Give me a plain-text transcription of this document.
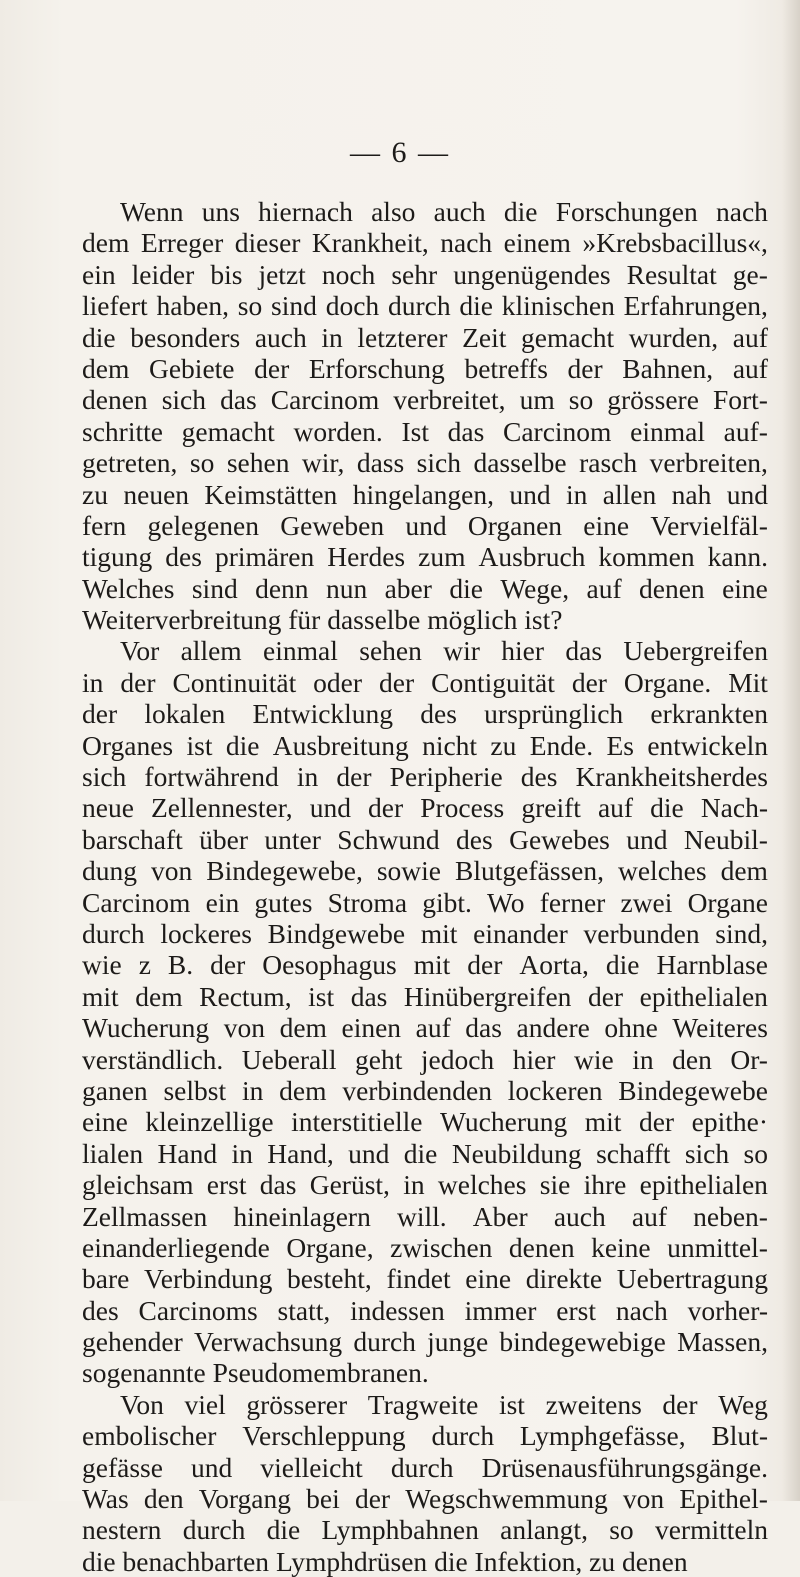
— 6 —
Wenn uns hiernach also auch die Forschungen nach
dem Erreger dieser Krankheit, nach einem »Krebsbacillus«,
ein leider bis jetzt noch sehr ungenügendes Resultat ge-
liefert haben, so sind doch durch die klinischen Erfahrungen,
die besonders auch in letzterer Zeit gemacht wurden, auf
dem Gebiete der Erforschung betreffs der Bahnen, auf
denen sich das Carcinom verbreitet, um so grössere Fort-
schritte gemacht worden. Ist das Carcinom einmal auf-
getreten, so sehen wir, dass sich dasselbe rasch verbreiten,
zu neuen Keimstätten hingelangen, und in allen nah und
fern gelegenen Geweben und Organen eine Vervielfäl-
tigung des primären Herdes zum Ausbruch kommen kann.
Welches sind denn nun aber die Wege, auf denen eine
Weiterverbreitung für dasselbe möglich ist?
Vor allem einmal sehen wir hier das Uebergreifen
in der Continuität oder der Contiguität der Organe. Mit
der lokalen Entwicklung des ursprünglich erkrankten
Organes ist die Ausbreitung nicht zu Ende. Es entwickeln
sich fortwährend in der Peripherie des Krankheitsherdes
neue Zellennester, und der Process greift auf die Nach-
barschaft über unter Schwund des Gewebes und Neubil-
dung von Bindegewebe, sowie Blutgefässen, welches dem
Carcinom ein gutes Stroma gibt. Wo ferner zwei Organe
durch lockeres Bindgewebe mit einander verbunden sind,
wie z B. der Oesophagus mit der Aorta, die Harnblase
mit dem Rectum, ist das Hinübergreifen der epithelialen
Wucherung von dem einen auf das andere ohne Weiteres
verständlich. Ueberall geht jedoch hier wie in den Or-
ganen selbst in dem verbindenden lockeren Bindegewebe
eine kleinzellige interstitielle Wucherung mit der epithe·
lialen Hand in Hand, und die Neubildung schafft sich so
gleichsam erst das Gerüst, in welches sie ihre epithelialen
Zellmassen hineinlagern will. Aber auch auf neben-
einanderliegende Organe, zwischen denen keine unmittel-
bare Verbindung besteht, findet eine direkte Uebertragung
des Carcinoms statt, indessen immer erst nach vorher-
gehender Verwachsung durch junge bindegewebige Massen,
sogenannte Pseudomembranen.
Von viel grösserer Tragweite ist zweitens der Weg
embolischer Verschleppung durch Lymphgefässe, Blut-
gefässe und vielleicht durch Drüsenausführungsgänge.
Was den Vorgang bei der Wegschwemmung von Epithel-
nestern durch die Lymphbahnen anlangt, so vermitteln
die benachbarten Lymphdrüsen die Infektion, zu denen
